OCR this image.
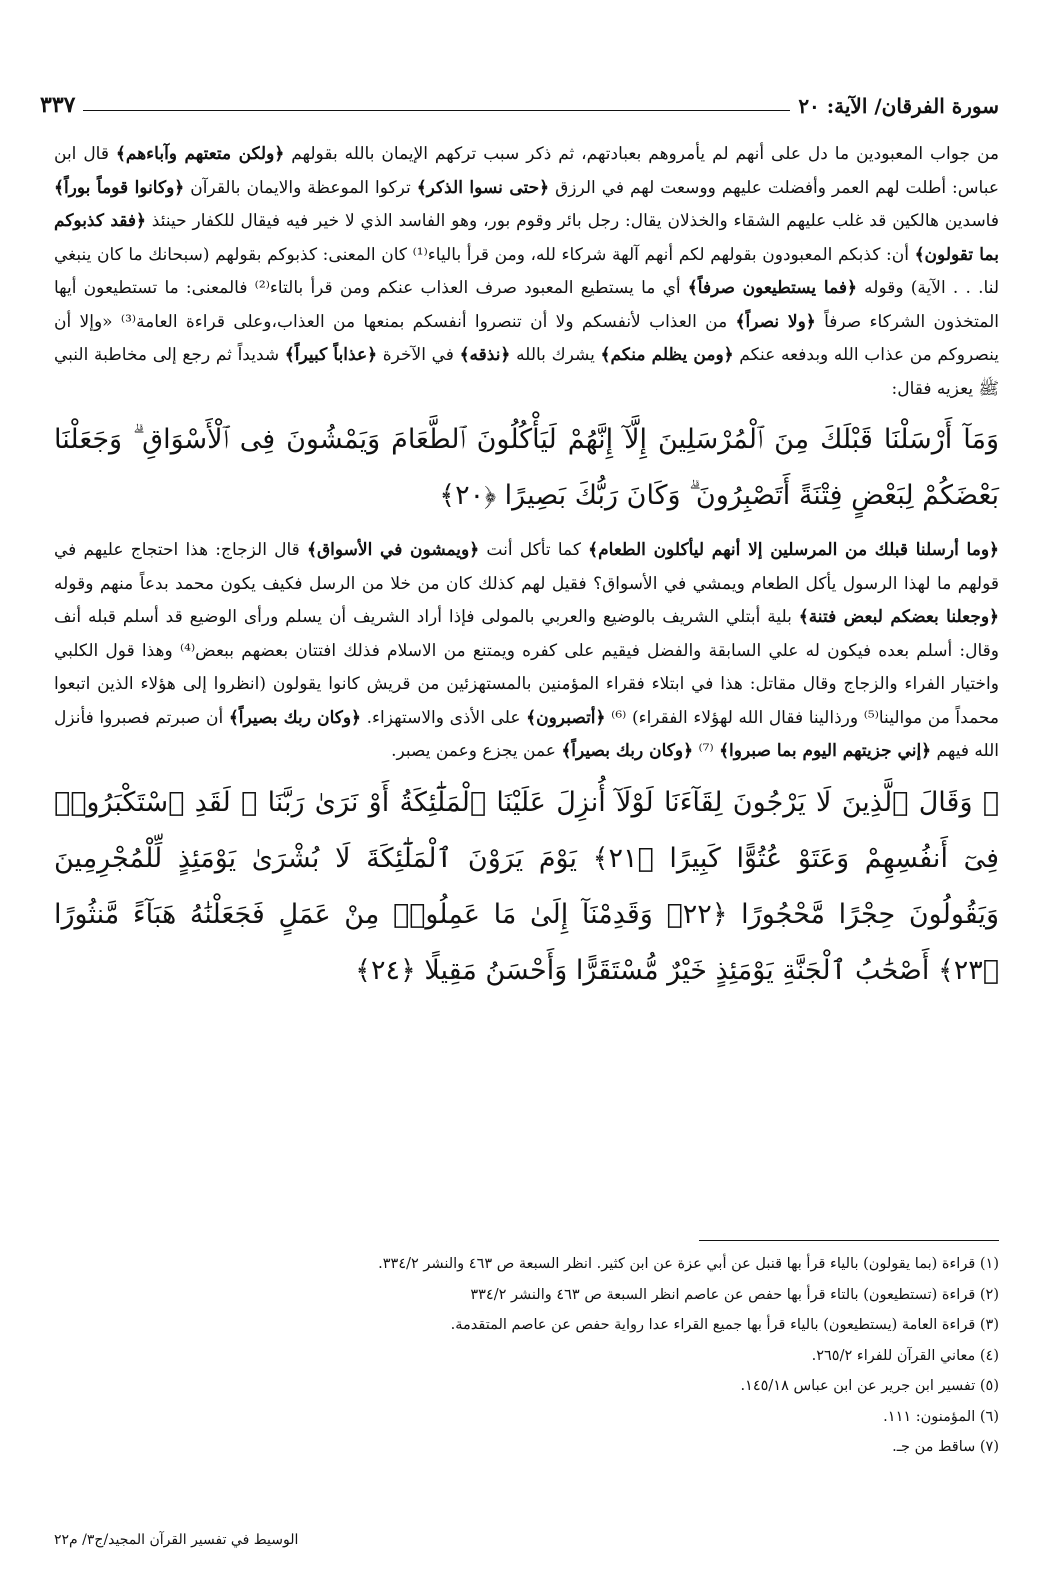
سورة الفرقان/ الآية: ٢٠
٣٣٧

من جواب المعبودين ما دل على أنهم لم يأمروهم بعبادتهم، ثم ذكر سبب تركهم الإيمان بالله بقولهم ﴿ولكن متعتهم وآباءهم﴾ قال ابن عباس: أطلت لهم العمر وأفضلت عليهم ووسعت لهم في الرزق ﴿حتى نسوا الذكر﴾ تركوا الموعظة والايمان بالقرآن ﴿وكانوا قوماً بوراً﴾ فاسدين هالكين قد غلب عليهم الشقاء والخذلان يقال: رجل بائر وقوم بور، وهو الفاسد الذي لا خير فيه فيقال للكفار حينئذ ﴿فقد كذبوكم بما تقولون﴾ أن: كذبكم المعبودون بقولهم لكم أنهم آلهة شركاء لله، ومن قرأ بالياء⁽¹⁾ كان المعنى: كذبوكم بقولهم (سبحانك ما كان ينبغي لنا. . . الآية) وقوله ﴿فما يستطيعون صرفاً﴾ أي ما يستطيع المعبود صرف العذاب عنكم ومن قرأ بالتاء⁽²⁾ فالمعنى: ما تستطيعون أيها المتخذون الشركاء صرفاً ﴿ولا نصراً﴾ من العذاب لأنفسكم ولا أن تنصروا أنفسكم بمنعها من العذاب،وعلى قراءة العامة⁽³⁾ «وإلا أن ينصروكم من عذاب الله وبدفعه عنكم ﴿ومن يظلم منكم﴾ يشرك بالله ﴿نذقه﴾ في الآخرة ﴿عذاباً كبيراً﴾ شديداً ثم رجع إلى مخاطبة النبي ﷺ يعزيه فقال:

وَمَآ أَرْسَلْنَا قَبْلَكَ مِنَ ٱلْمُرْسَلِينَ إِلَّآ إِنَّهُمْ لَيَأْكُلُونَ ٱلطَّعَامَ وَيَمْشُونَ فِى ٱلْأَسْوَاقِ ۗ وَجَعَلْنَا بَعْضَكُمْ لِبَعْضٍ فِتْنَةً أَتَصْبِرُونَ ۗ وَكَانَ رَبُّكَ بَصِيرًا ﴿٢٠﴾

﴿وما أرسلنا قبلك من المرسلين إلا أنهم ليأكلون الطعام﴾ كما تأكل أنت ﴿ويمشون في الأسواق﴾ قال الزجاج: هذا احتجاج عليهم في قولهم ما لهذا الرسول يأكل الطعام ويمشي في الأسواق؟ فقيل لهم كذلك كان من خلا من الرسل فكيف يكون محمد بدعاً منهم وقوله ﴿وجعلنا بعضكم لبعض فتنة﴾ بلية أبتلي الشريف بالوضيع والعربي بالمولى فإذا أراد الشريف أن يسلم ورأى الوضيع قد أسلم قبله أنف وقال: أسلم بعده فيكون له علي السابقة والفضل فيقيم على كفره ويمتنع من الاسلام فذلك افتتان بعضهم ببعض⁽⁴⁾ وهذا قول الكلبي واختيار الفراء والزجاج وقال مقاتل: هذا في ابتلاء فقراء المؤمنين بالمستهزئين من قريش كانوا يقولون (انظروا إلى هؤلاء الذين اتبعوا محمداً من موالينا⁽⁵⁾ ورذالينا فقال الله لهؤلاء الفقراء) ⁽⁶⁾ ﴿أتصبرون﴾ على الأذى والاستهزاء. ﴿وكان ربك بصيراً﴾ أن صبرتم فصبروا فأنزل الله فيهم ﴿إني جزيتهم اليوم بما صبروا﴾ ⁽⁷⁾ ﴿وكان ربك بصيراً﴾ عمن يجزع وعمن يصبر.

۞ وَقَالَ ٱلَّذِينَ لَا يَرْجُونَ لِقَآءَنَا لَوْلَآ أُنزِلَ عَلَيْنَا ٱلْمَلَٰٓئِكَةُ أَوْ نَرَىٰ رَبَّنَا ۗ لَقَدِ ٱسْتَكْبَرُوا۟ فِىٓ أَنفُسِهِمْ وَعَتَوْ عُتُوًّا كَبِيرًا ﴿٢١﴾ يَوْمَ يَرَوْنَ ٱلْمَلَٰٓئِكَةَ لَا بُشْرَىٰ يَوْمَئِذٍ لِّلْمُجْرِمِينَ وَيَقُولُونَ حِجْرًا مَّحْجُورًا ﴿٢٢﴾ وَقَدِمْنَآ إِلَىٰ مَا عَمِلُوا۟ مِنْ عَمَلٍ فَجَعَلْنَٰهُ هَبَآءً مَّنثُورًا ﴿٢٣﴾ أَصْحَٰبُ ٱلْجَنَّةِ يَوْمَئِذٍ خَيْرٌ مُّسْتَقَرًّا وَأَحْسَنُ مَقِيلًا ﴿٢٤﴾

(١) قراءة (بما يقولون) بالياء قرأ بها قنبل عن أبي عزة عن ابن كثير. انظر السبعة ص ٤٦٣ والنشر ٣٣٤/٢.

(٢) قراءة (تستطيعون) بالتاء قرأ بها حفص عن عاصم انظر السبعة ص ٤٦٣ والنشر ٣٣٤/٢

(٣) قراءة العامة (يستطيعون) بالياء قرأ بها جميع القراء عدا رواية حفص عن عاصم المتقدمة.

(٤) معاني القرآن للفراء ٢٦٥/٢.

(٥) تفسير ابن جرير عن ابن عباس ١٤٥/١٨.

(٦) المؤمنون: ١١١.

(٧) ساقط من جـ.

الوسيط في تفسير القرآن المجيد/ج٣/ م٢٢
